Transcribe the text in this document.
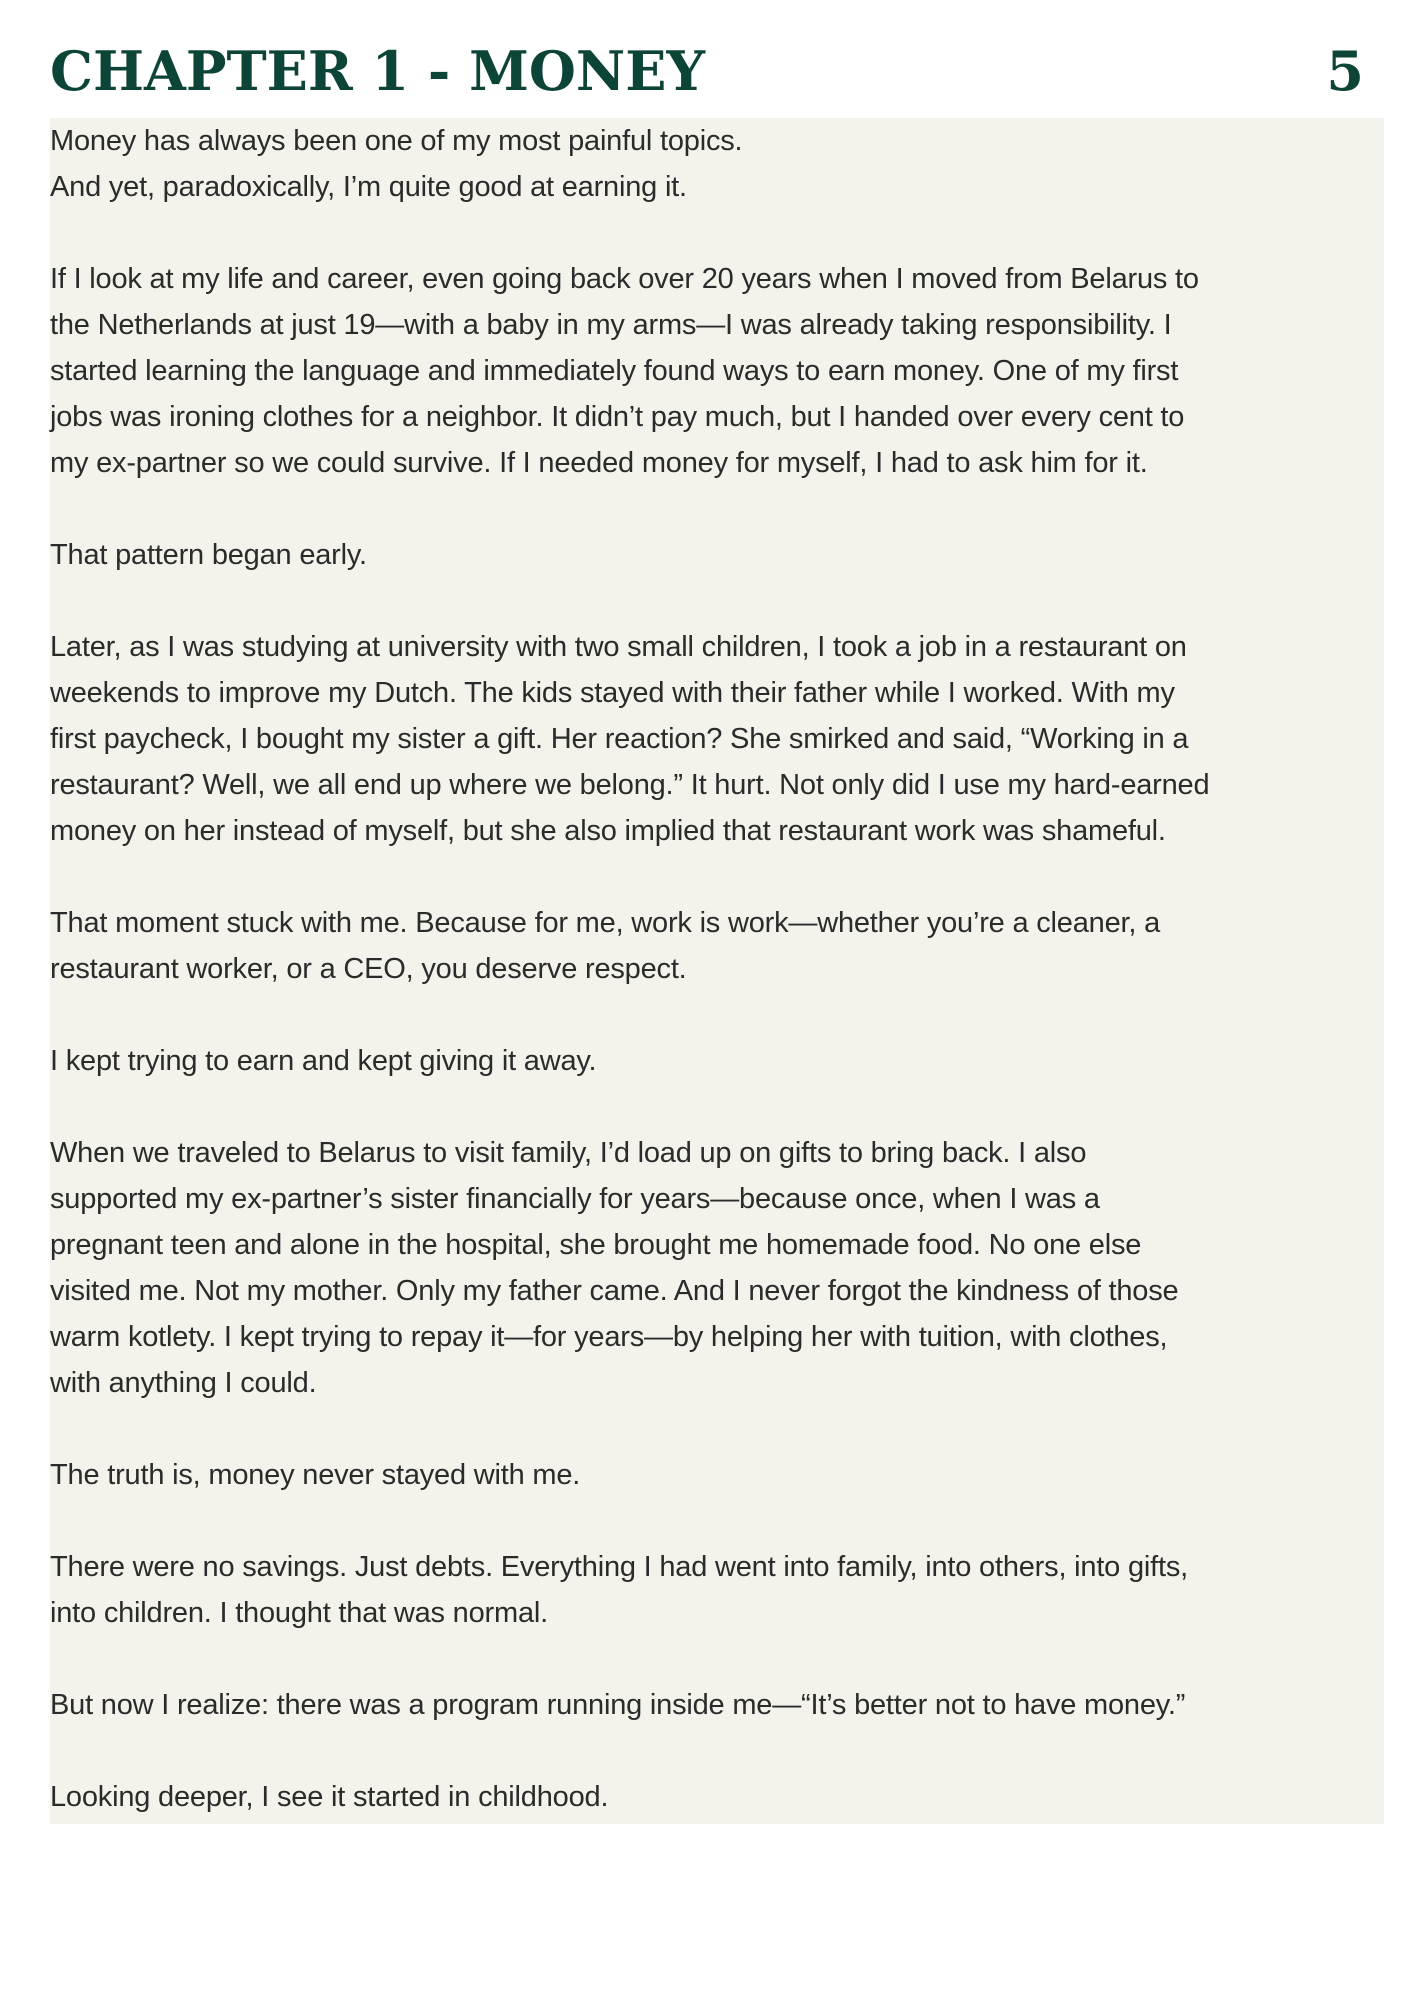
CHAPTER 1 - MONEY	5
Money has always been one of my most painful topics.
And yet, paradoxically, I’m quite good at earning it.
If I look at my life and career, even going back over 20 years when I moved from Belarus to
the Netherlands at just 19—with a baby in my arms—I was already taking responsibility. I
started learning the language and immediately found ways to earn money. One of my first
jobs was ironing clothes for a neighbor. It didn’t pay much, but I handed over every cent to
my ex-partner so we could survive. If I needed money for myself, I had to ask him for it.
That pattern began early.
Later, as I was studying at university with two small children, I took a job in a restaurant on
weekends to improve my Dutch. The kids stayed with their father while I worked. With my
first paycheck, I bought my sister a gift. Her reaction? She smirked and said, “Working in a
restaurant? Well, we all end up where we belong.” It hurt. Not only did I use my hard-earned
money on her instead of myself, but she also implied that restaurant work was shameful.
That moment stuck with me. Because for me, work is work—whether you’re a cleaner, a
restaurant worker, or a CEO, you deserve respect.
I kept trying to earn and kept giving it away.
When we traveled to Belarus to visit family, I’d load up on gifts to bring back. I also
supported my ex-partner’s sister financially for years—because once, when I was a
pregnant teen and alone in the hospital, she brought me homemade food. No one else
visited me. Not my mother. Only my father came. And I never forgot the kindness of those
warm kotlety. I kept trying to repay it—for years—by helping her with tuition, with clothes,
with anything I could.
The truth is, money never stayed with me.
There were no savings. Just debts. Everything I had went into family, into others, into gifts,
into children. I thought that was normal.
But now I realize: there was a program running inside me—“It’s better not to have money.”
Looking deeper, I see it started in childhood.
